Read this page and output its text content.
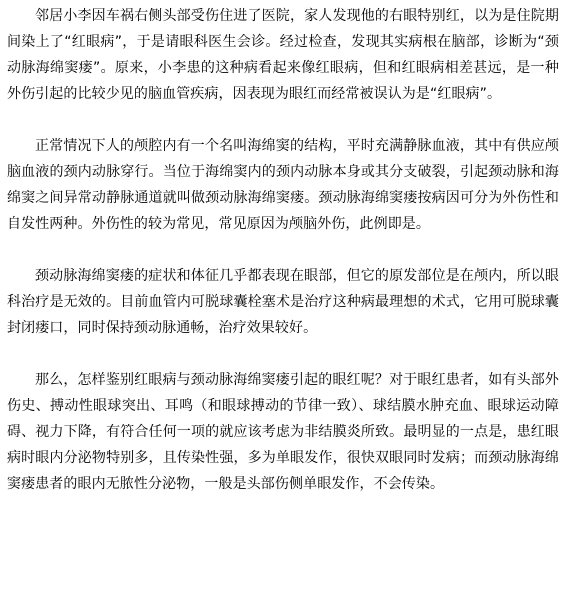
邻居小李因车祸右侧头部受伤住进了医院，家人发现他的右眼特别红，以为是住院期间染上了“红眼病”，于是请眼科医生会诊。经过检查，发现其实病根在脑部，诊断为“颈动脉海绵窦瘘”。原来，小李患的这种病看起来像红眼病，但和红眼病相差甚远，是一种外伤引起的比较少见的脑血管疾病，因表现为眼红而经常被误认为是“红眼病”。

正常情况下人的颅腔内有一个名叫海绵窦的结构，平时充满静脉血液，其中有供应颅脑血液的颈内动脉穿行。当位于海绵窦内的颈内动脉本身或其分支破裂，引起颈动脉和海绵窦之间异常动静脉通道就叫做颈动脉海绵窦瘘。颈动脉海绵窦瘘按病因可分为外伤性和自发性两种。外伤性的较为常见，常见原因为颅脑外伤，此例即是。

颈动脉海绵窦瘘的症状和体征几乎都表现在眼部，但它的原发部位是在颅内，所以眼科治疗是无效的。目前血管内可脱球囊栓塞术是治疗这种病最理想的术式，它用可脱球囊封闭瘘口，同时保持颈动脉通畅，治疗效果较好。

那么，怎样鉴别红眼病与颈动脉海绵窦瘘引起的眼红呢？对于眼红患者，如有头部外伤史、搏动性眼球突出、耳鸣（和眼球搏动的节律一致）、球结膜水肿充血、眼球运动障碍、视力下降，有符合任何一项的就应该考虑为非结膜炎所致。最明显的一点是，患红眼病时眼内分泌物特别多，且传染性强，多为单眼发作，很快双眼同时发病；而颈动脉海绵窦瘘患者的眼内无脓性分泌物，一般是头部伤侧单眼发作，不会传染。
